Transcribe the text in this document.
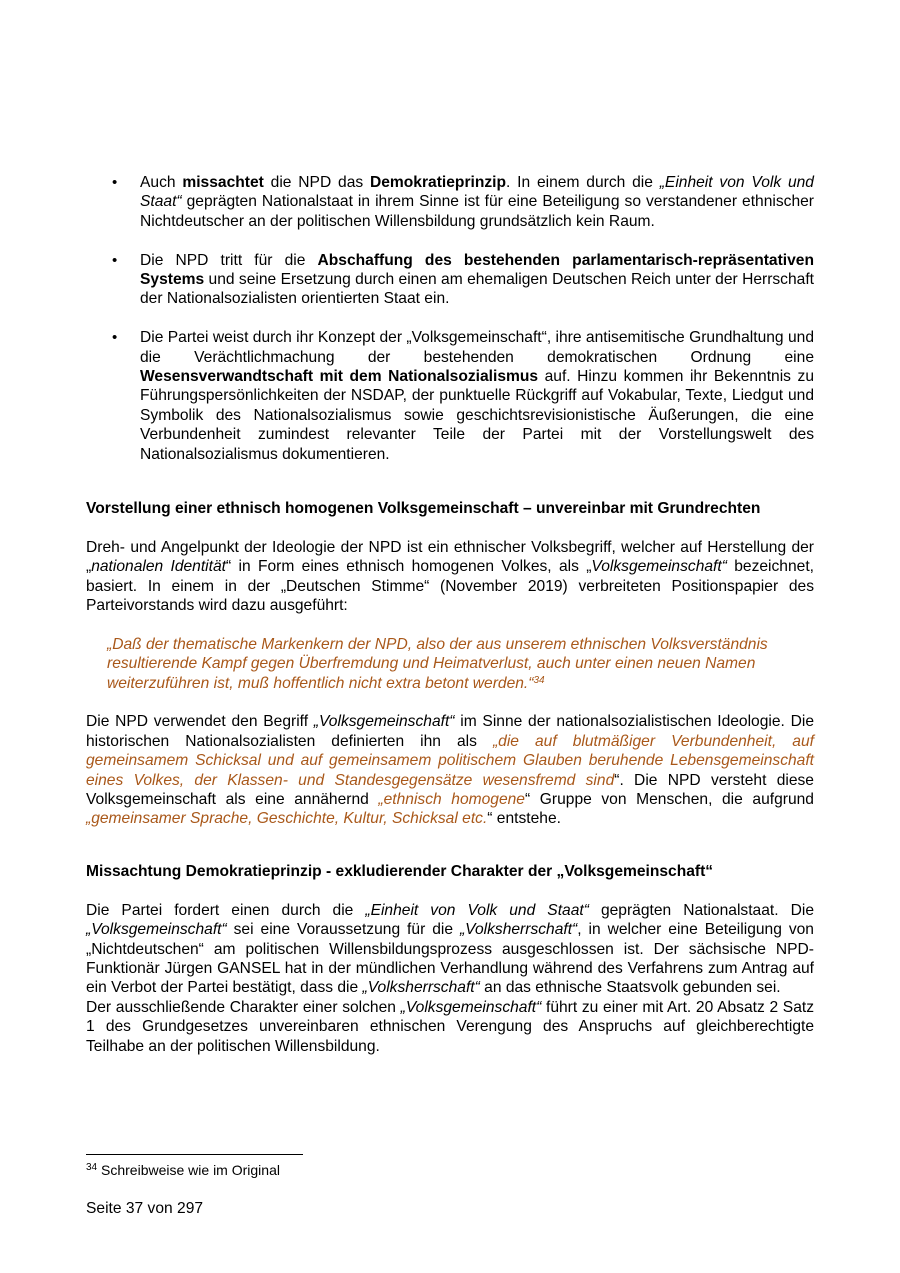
• Auch missachtet die NPD das Demokratieprinzip. In einem durch die „Einheit von Volk und Staat“ geprägten Nationalstaat in ihrem Sinne ist für eine Beteiligung so verstandener ethnischer Nichtdeutscher an der politischen Willensbildung grundsätzlich kein Raum.
• Die NPD tritt für die Abschaffung des bestehenden parlamentarisch-repräsentativen Systems und seine Ersetzung durch einen am ehemaligen Deutschen Reich unter der Herrschaft der Nationalsozialisten orientierten Staat ein.
• Die Partei weist durch ihr Konzept der „Volksgemeinschaft“, ihre antisemitische Grundhaltung und die Verächtlichmachung der bestehenden demokratischen Ordnung eine Wesensverwandtschaft mit dem Nationalsozialismus auf. Hinzu kommen ihr Bekenntnis zu Führungspersönlichkeiten der NSDAP, der punktuelle Rückgriff auf Vokabular, Texte, Liedgut und Symbolik des Nationalsozialismus sowie geschichtsrevisionistische Äußerungen, die eine Verbundenheit zumindest relevanter Teile der Partei mit der Vorstellungswelt des Nationalsozialismus dokumentieren.
Vorstellung einer ethnisch homogenen Volksgemeinschaft – unvereinbar mit Grundrechten

Dreh- und Angelpunkt der Ideologie der NPD ist ein ethnischer Volksbegriff, welcher auf Herstellung der „nationalen Identität“ in Form eines ethnisch homogenen Volkes, als „Volksgemeinschaft“ bezeichnet, basiert. In einem in der „Deutschen Stimme“ (November 2019) verbreiteten Positionspapier des Parteivorstands wird dazu ausgeführt:

„Daß der thematische Markenkern der NPD, also der aus unserem ethnischen Volksverständnis resultierende Kampf gegen Überfremdung und Heimatverlust, auch unter einen neuen Namen weiterzuführen ist, muß hoffentlich nicht extra betont werden.“$^{34}$

Die NPD verwendet den Begriff „Volksgemeinschaft“ im Sinne der nationalsozialistischen Ideologie. Die historischen Nationalsozialisten definierten ihn als „die auf blutmäßiger Verbundenheit, auf gemeinsamem Schicksal und auf gemeinsamem politischem Glauben beruhende Lebensgemeinschaft eines Volkes, der Klassen- und Standesgegensätze wesensfremd sind“. Die NPD versteht diese Volksgemeinschaft als eine annähernd „ethnisch homogene“ Gruppe von Menschen, die aufgrund „gemeinsamer Sprache, Geschichte, Kultur, Schicksal etc.“ entstehe.

Missachtung Demokratieprinzip - exkludierender Charakter der „Volksgemeinschaft“

Die Partei fordert einen durch die „Einheit von Volk und Staat“ geprägten Nationalstaat. Die „Volksgemeinschaft“ sei eine Voraussetzung für die „Volksherrschaft“, in welcher eine Beteiligung von „Nichtdeutschen“ am politischen Willensbildungsprozess ausgeschlossen ist. Der sächsische NPD-Funktionär Jürgen GANSEL hat in der mündlichen Verhandlung während des Verfahrens zum Antrag auf ein Verbot der Partei bestätigt, dass die „Volksherrschaft“ an das ethnische Staatsvolk gebunden sei.

Der ausschließende Charakter einer solchen „Volksgemeinschaft“ führt zu einer mit Art. 20 Absatz 2 Satz 1 des Grundgesetzes unvereinbaren ethnischen Verengung des Anspruchs auf gleichberechtigte Teilhabe an der politischen Willensbildung.

$^{34}$ Schreibweise wie im Original
Seite 37 von 297
